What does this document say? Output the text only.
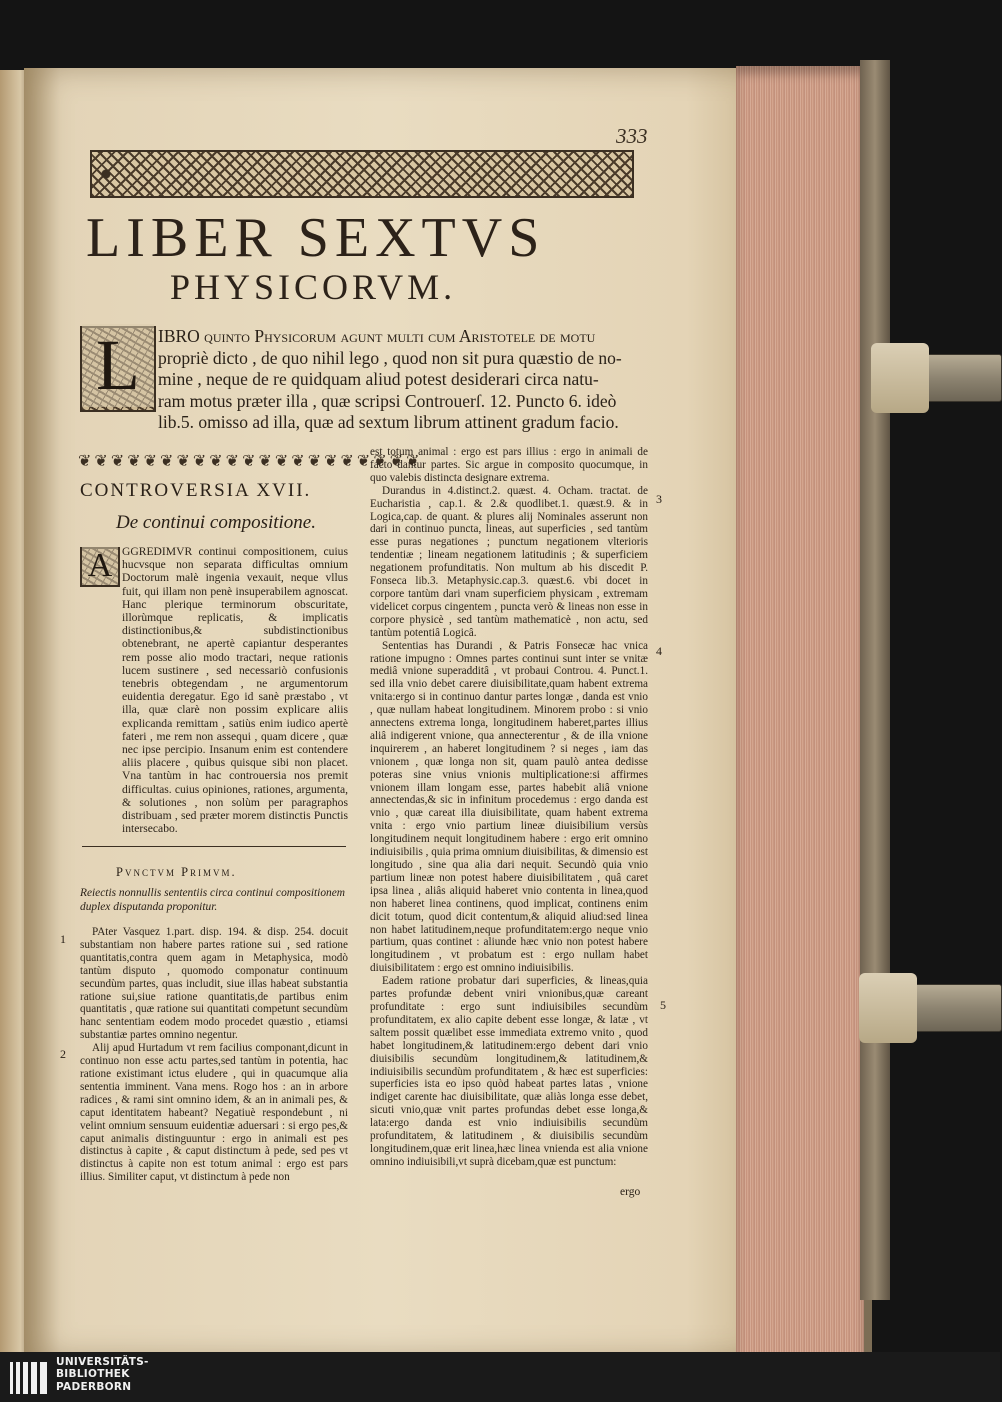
333
LIBER SEXTVS
PHYSICORVM.
L	IBRO quinto Physicorum agunt multi cum Aristotele de motu

propriè dicto , de quo nihil lego , quod non sit pura quæstio de no-

mine , neque de re quidquam aliud potest desiderari circa natu-

ram motus præter illa , quæ scripsi Controuerſ. 12. Puncto 6. ideò

lib.5. omisso ad illa, quæ ad sextum librum attinent gradum facio.

❦❦❦❦❦❦❦❦❦❦❦❦❦❦❦❦❦❦❦❦❦
CONTROVERSIA XVII.
De continui compositione.
A GGREDIMVR continui compositionem, cuius hucvsque non separata difficultas omnium Doctorum malè ingenia vexauit, neque vllus fuit, qui illam non penè insuperabilem agnoscat. Hanc plerique terminorum obscuritate, illorùmque replicatis, & implicatis distinctionibus,& subdistinctionibus obtenebrant, ne apertè capiantur desperantes rem posse alio modo tractari, neque rationis lucem sustinere , sed necessariò confusionis tenebris obtegendam , ne argumentorum euidentia deregatur. Ego id sanè præstabo , vt illa, quæ clarè non possim explicare aliis explicanda remittam , satiùs enim iudico apertè fateri , me rem non assequi , quam dicere , quæ nec ipse percipio. Insanum enim est contendere aliis placere , quibus quisque sibi non placet. Vna tantùm in hac controuersia nos premit difficultas. cuius opiniones, rationes, argumenta, & solutiones , non solùm per paragraphos distribuam , sed præter morem distinctis Punctis intersecabo.

Pvnctvm Primvm.
Reiectis nonnullis sententiis circa continui compositionem duplex disputanda proponitur.

PAter Vasquez 1.part. disp. 194. & disp. 254. docuit substantiam non habere partes ratione sui , sed ratione quantitatis,contra quem agam in Metaphysica, modò tantùm disputo , quomodo componatur continuum secundùm partes, quas includit, siue illas habeat substantia ratione sui,siue ratione quantitatis,de partibus enim quantitatis , quæ ratione sui quantitati competunt secundùm hanc sententiam eodem modo procedet quæstio , etiamsi substantiæ partes omnino negentur.

Alij apud Hurtadum vt rem facilius componant,dicunt in continuo non esse actu partes,sed tantùm in potentia, hac ratione existimant ictus eludere , qui in quacumque alia sententia imminent. Vana mens. Rogo hos : an in arbore radices , & rami sint omnino idem, & an in animali pes, & caput identitatem habeant? Negatiuè respondebunt , ni velint omnium sensuum euidentiæ aduersari : si ergo pes,& caput animalis distinguuntur : ergo in animali est pes distinctus à capite , & caput distinctum à pede, sed pes vt distinctus à capite non est totum animal : ergo est pars illius. Similiter caput, vt distinctum à pede non

est totum animal : ergo est pars illius : ergo in animali de facto dantur partes. Sic argue in composito quocumque, in quo valebis distincta designare extrema.

Durandus in 4.distinct.2. quæst. 4. Ocham. tractat. de Eucharistia , cap.1. & 2.& quodlibet.1. quæst.9. & in Logica,cap. de quant. & plures alij Nominales asserunt non dari in continuo puncta, lineas, aut superficies , sed tantùm esse puras negationes ; punctum negationem vlterioris tendentiæ ; lineam negationem latitudinis ; & superficiem negationem profunditatis. Non multum ab his discedit P. Fonseca lib.3. Metaphysic.cap.3. quæst.6. vbi docet in corpore tantùm dari vnam superficiem physicam , extremam videlicet corpus cingentem , puncta verò & lineas non esse in corpore physicè , sed tantùm mathematicè , non actu, sed tantùm potentiâ Logicâ.

Sententias has Durandi , & Patris Fonsecæ hac vnica ratione impugno : Omnes partes continui sunt inter se vnitæ mediâ vnione superadditâ , vt probaui Controu. 4. Punct.1. sed illa vnio debet carere diuisibilitate,quam habent extrema vnita:ergo si in continuo dantur partes longæ , danda est vnio , quæ nullam habeat longitudinem. Minorem probo : si vnio annectens extrema longa, longitudinem haberet,partes illius aliâ indigerent vnione, qua annecterentur , & de illa vnione inquirerem , an haberet longitudinem ? si neges , iam das vnionem , quæ longa non sit, quam paulò antea dedisse poteras sine vnius vnionis multiplicatione:si affirmes vnionem illam longam esse, partes habebit aliâ vnione annectendas,& sic in infinitum procedemus : ergo danda est vnio , quæ careat illa diuisibilitate, quam habent extrema vnita : ergo vnio partium lineæ diuisibilium versùs longitudinem nequit longitudinem habere : ergo erit omnino indiuisibilis , quia prima omnium diuisibilitas, & dimensio est longitudo , sine qua alia dari nequit. Secundò quia vnio partium lineæ non potest habere diuisibilitatem , quâ caret ipsa linea , aliâs aliquid haberet vnio contenta in linea,quod non haberet linea continens, quod implicat, continens enim dicit totum, quod dicit contentum,& aliquid aliud:sed linea non habet latitudinem,neque profunditatem:ergo neque vnio partium, quas continet : aliunde hæc vnio non potest habere longitudinem , vt probatum est : ergo nullam habet diuisibilitatem : ergo est omnino indiuisibilis.

Eadem ratione probatur dari superficies, & lineas,quia partes profundæ debent vniri vnionibus,quæ careant profunditate : ergo sunt indiuisibiles secundùm profunditatem, ex alio capite debent esse longæ, & latæ , vt saltem possit quælibet esse immediata extremo vnito , quod habet longitudinem,& latitudinem:ergo debent dari vnio diuisibilis secundùm longitudinem,& latitudinem,& indiuisibilis secundùm profunditatem , & hæc est superficies: superficies ista eo ipso quòd habeat partes latas , vnione indiget carente hac diuisibilitate, quæ aliàs longa esse debet, sicuti vnio,quæ vnit partes profundas debet esse longa,& lata:ergo danda est vnio indiuisibilis secundùm profunditatem, & latitudinem , & diuisibilis secundùm longitudinem,quæ erit linea,hæc linea vnienda est alia vnione omnino indiuisibili,vt suprà dicebam,quæ est punctum:

ergo
1
2
3
4
5
UNIVERSITÄTS-
BIBLIOTHEK
PADERBORN
